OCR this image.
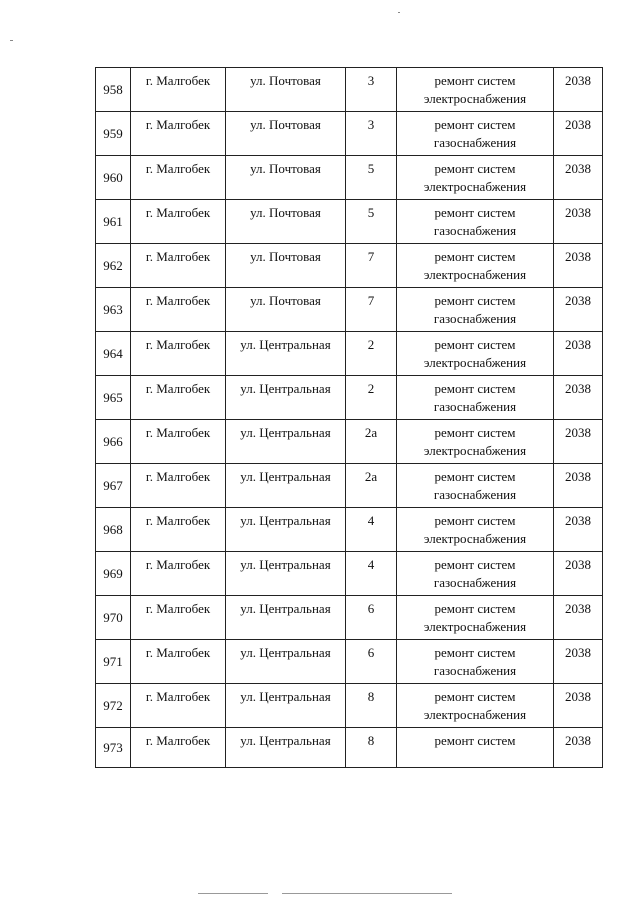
958	г. Малгобек	ул. Почтовая	3	ремонт систем электроснабжения	2038
959	г. Малгобек	ул. Почтовая	3	ремонт систем газоснабжения	2038
960	г. Малгобек	ул. Почтовая	5	ремонт систем электроснабжения	2038
961	г. Малгобек	ул. Почтовая	5	ремонт систем газоснабжения	2038
962	г. Малгобек	ул. Почтовая	7	ремонт систем электроснабжения	2038
963	г. Малгобек	ул. Почтовая	7	ремонт систем газоснабжения	2038
964	г. Малгобек	ул. Центральная	2	ремонт систем электроснабжения	2038
965	г. Малгобек	ул. Центральная	2	ремонт систем газоснабжения	2038
966	г. Малгобек	ул. Центральная	2а	ремонт систем электроснабжения	2038
967	г. Малгобек	ул. Центральная	2а	ремонт систем газоснабжения	2038
968	г. Малгобек	ул. Центральная	4	ремонт систем электроснабжения	2038
969	г. Малгобек	ул. Центральная	4	ремонт систем газоснабжения	2038
970	г. Малгобек	ул. Центральная	6	ремонт систем электроснабжения	2038
971	г. Малгобек	ул. Центральная	6	ремонт систем газоснабжения	2038
972	г. Малгобек	ул. Центральная	8	ремонт систем электроснабжения	2038
973	г. Малгобек	ул. Центральная	8	ремонт систем	2038
